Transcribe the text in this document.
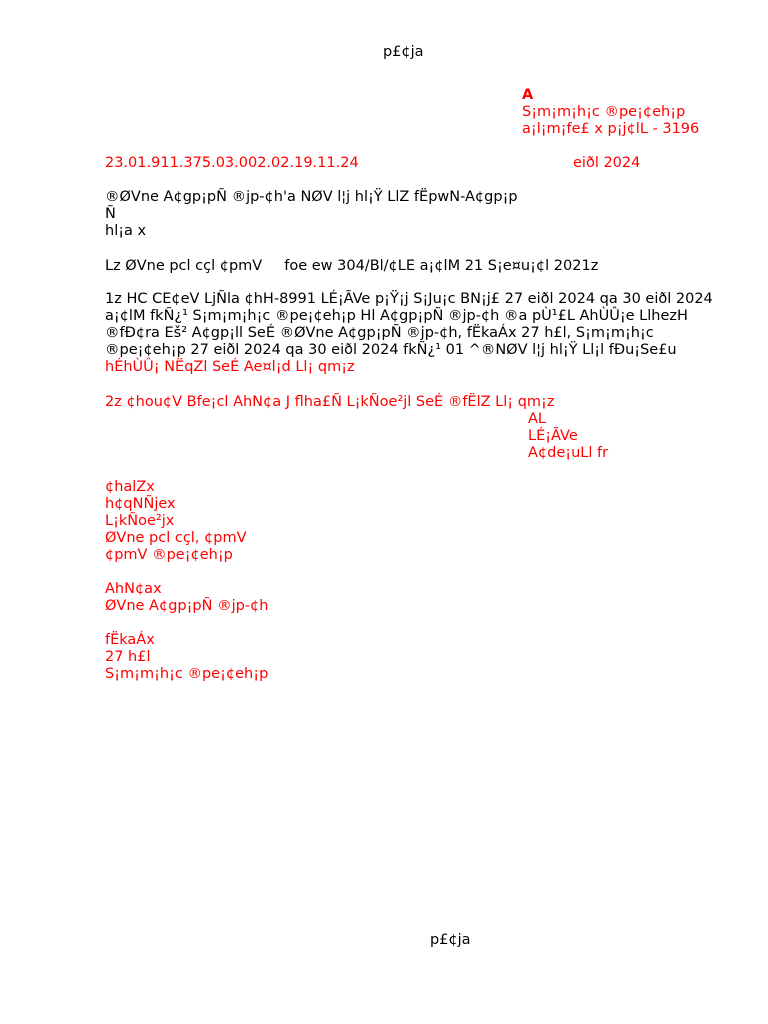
p£¢ja
A
S¡m¡m¡h¡c ®pe¡¢eh¡p
a¡l¡m¡fe£ x p¡j¢lL - 3196
23.01.911.375.03.002.02.19.11.24	eiðl 2024
®ØVne A¢gp¡pÑ ®jp-¢h'a NØV l¦j hl¡Ÿ LlZ fËpwN-A¢gp¡p
Ñ
hl¡a x
Lz ØVne pcl cçl ¢pmV foe ew 304/Bl/¢LE a¡¢lM 21 S¡e¤u¡¢l 2021z
1z HC CE¢eV LjÑla ¢hH-8991 LÉ¡ÃVe p¡Ÿ¡j S¡Ju¡c BN¡j£ 27 eiðl 2024 qa 30 eiðl 2024 a¡¢lM fkÑ¿¹ S¡m¡m¡h¡c ®pe¡¢eh¡p Hl A¢gp¡pÑ ®jp-¢h ®a pÙ¹£L AhÙÛ¡e LlhezH ®fÐ¢ra Eš² A¢gp¡ll SeÉ ®ØVne A¢gp¡pÑ ®jp-¢h, fËkaÁx 27 h£l, S¡m¡m¡h¡c ®pe¡¢eh¡p 27 eiðl 2024 qa 30 eiðl 2024 fkÑ¿¹ 01 ^®NØV l¦j hl¡Ÿ Ll¡l fÐu¡Se£u hÉhÙÛ¡ NËqZl SeÉ Ae¤l¡d Ll¡ qm¡z
2z ¢hou¢V Bfe¡cl AhN¢a J flha£Ñ L¡kÑoe²jl SeÉ ®fËlZ Ll¡ qm¡z
AL
LÉ¡ÃVe
A¢de¡uLl fr
¢halZx
h¢qNÑjex
L¡kÑoe²jx
ØVne pcl cçl, ¢pmV
¢pmV ®pe¡¢eh¡p
AhN¢ax
ØVne A¢gp¡pÑ ®jp-¢h
fËkaÁx
27 h£l
S¡m¡m¡h¡c ®pe¡¢eh¡p
p£¢ja
